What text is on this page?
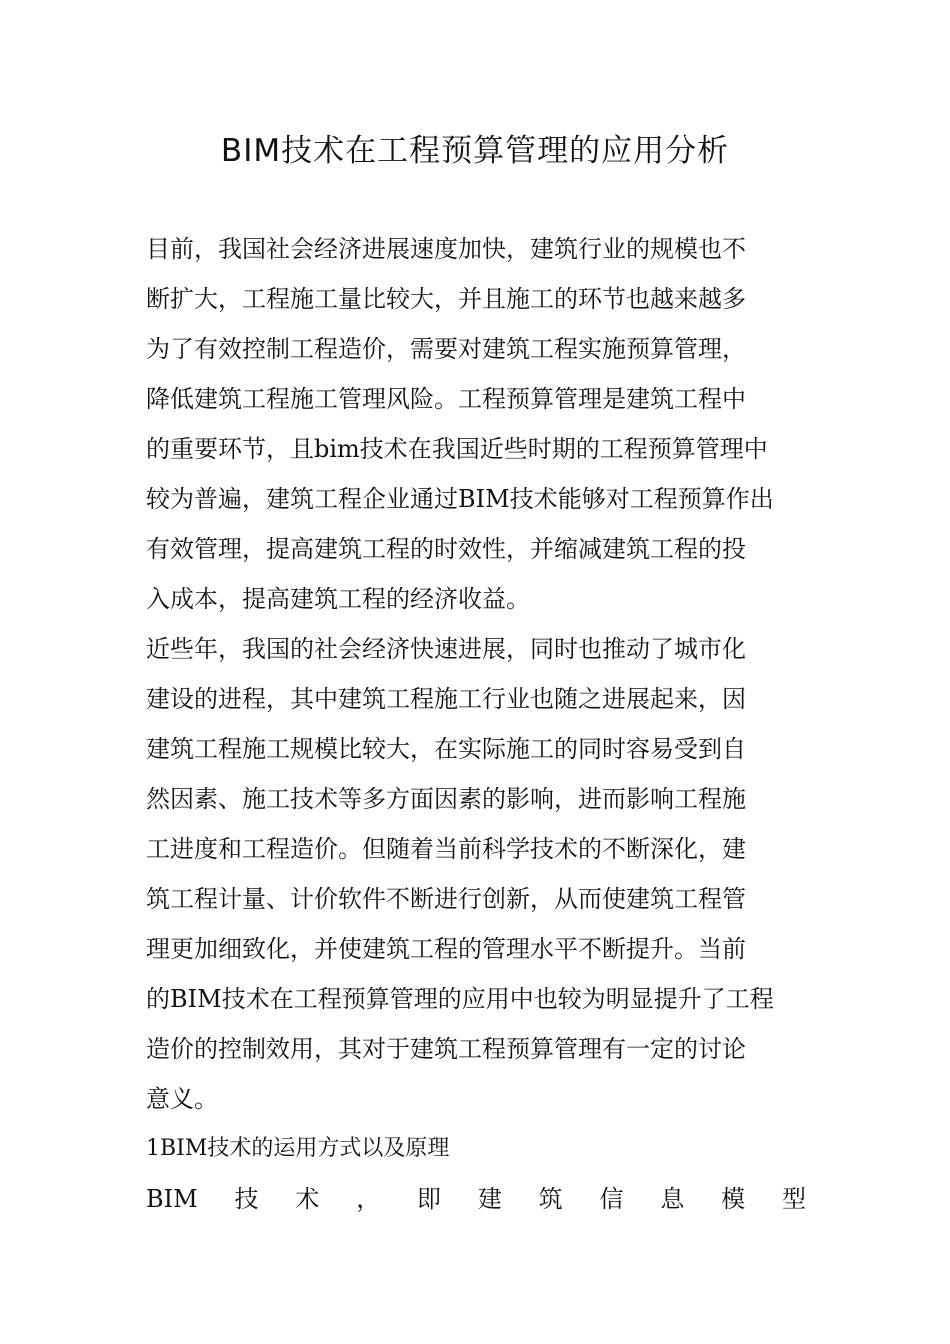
BIM技术在工程预算管理的应用分析
目前，我国社会经济进展速度加快，建筑行业的规模也不
断扩大，工程施工量比较大，并且施工的环节也越来越多
为了有效控制工程造价，需要对建筑工程实施预算管理，
降低建筑工程施工管理风险。工程预算管理是建筑工程中
的重要环节，且bim技术在我国近些时期的工程预算管理中
较为普遍，建筑工程企业通过BIM技术能够对工程预算作出
有效管理，提高建筑工程的时效性，并缩减建筑工程的投
入成本，提高建筑工程的经济收益。
近些年，我国的社会经济快速进展，同时也推动了城市化
建设的进程，其中建筑工程施工行业也随之进展起来，因
建筑工程施工规模比较大，在实际施工的同时容易受到自
然因素、施工技术等多方面因素的影响，进而影响工程施
工进度和工程造价。但随着当前科学技术的不断深化，建
筑工程计量、计价软件不断进行创新，从而使建筑工程管
理更加细致化，并使建筑工程的管理水平不断提升。当前
的BIM技术在工程预算管理的应用中也较为明显提升了工程
造价的控制效用，其对于建筑工程预算管理有一定的讨论
意义。
1BIM技术的运用方式以及原理
BIM 技 术 ， 即 建 筑 信 息 模 型
